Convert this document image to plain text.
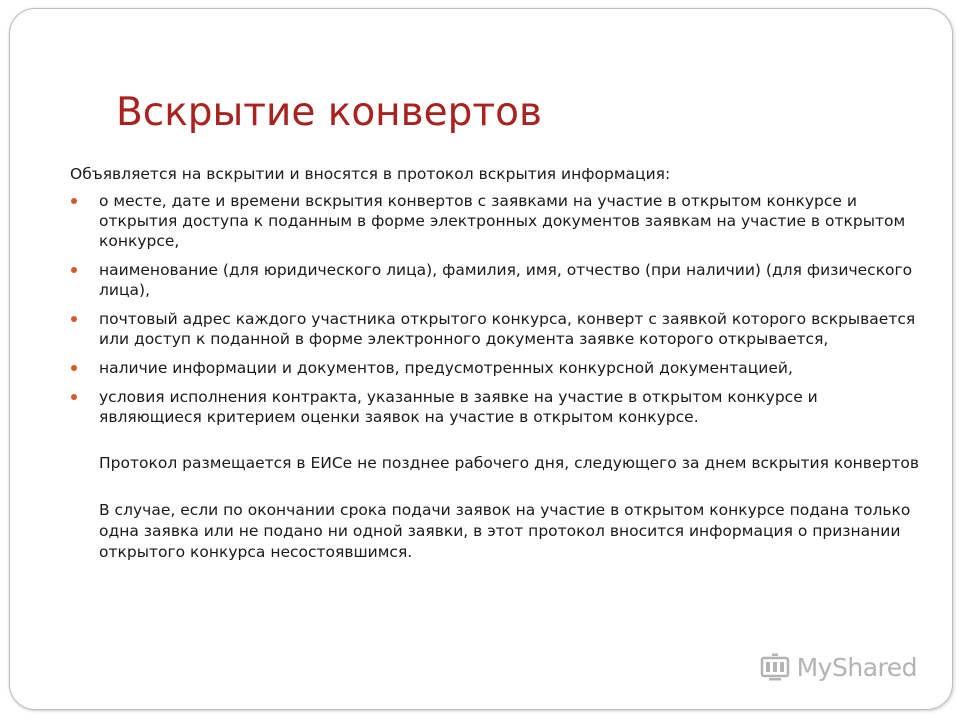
Вскрытие конвертов

Объявляется на вскрытии и вносятся в протокол вскрытия информация:

о месте, дате и времени вскрытия конвертов с заявками на участие в открытом конкурсе и открытия доступа к поданным в форме электронных документов заявкам на участие в открытом конкурсе,
наименование (для юридического лица), фамилия, имя, отчество (при наличии) (для физического лица),
почтовый адрес каждого участника открытого конкурса, конверт с заявкой которого вскрывается или доступ к поданной в форме электронного документа заявке которого открывается,
наличие информации и документов, предусмотренных конкурсной документацией,
условия исполнения контракта, указанные в заявке на участие в открытом конкурсе и являющиеся критерием оценки заявок на участие в открытом конкурсе.

Протокол размещается в ЕИСе не позднее рабочего дня, следующего за днем вскрытия конвертов

В случае, если по окончании срока подачи заявок на участие в открытом конкурсе подана только одна заявка или не подано ни одной заявки, в этот протокол вносится информация о признании открытого конкурса несостоявшимся.

MyShared
